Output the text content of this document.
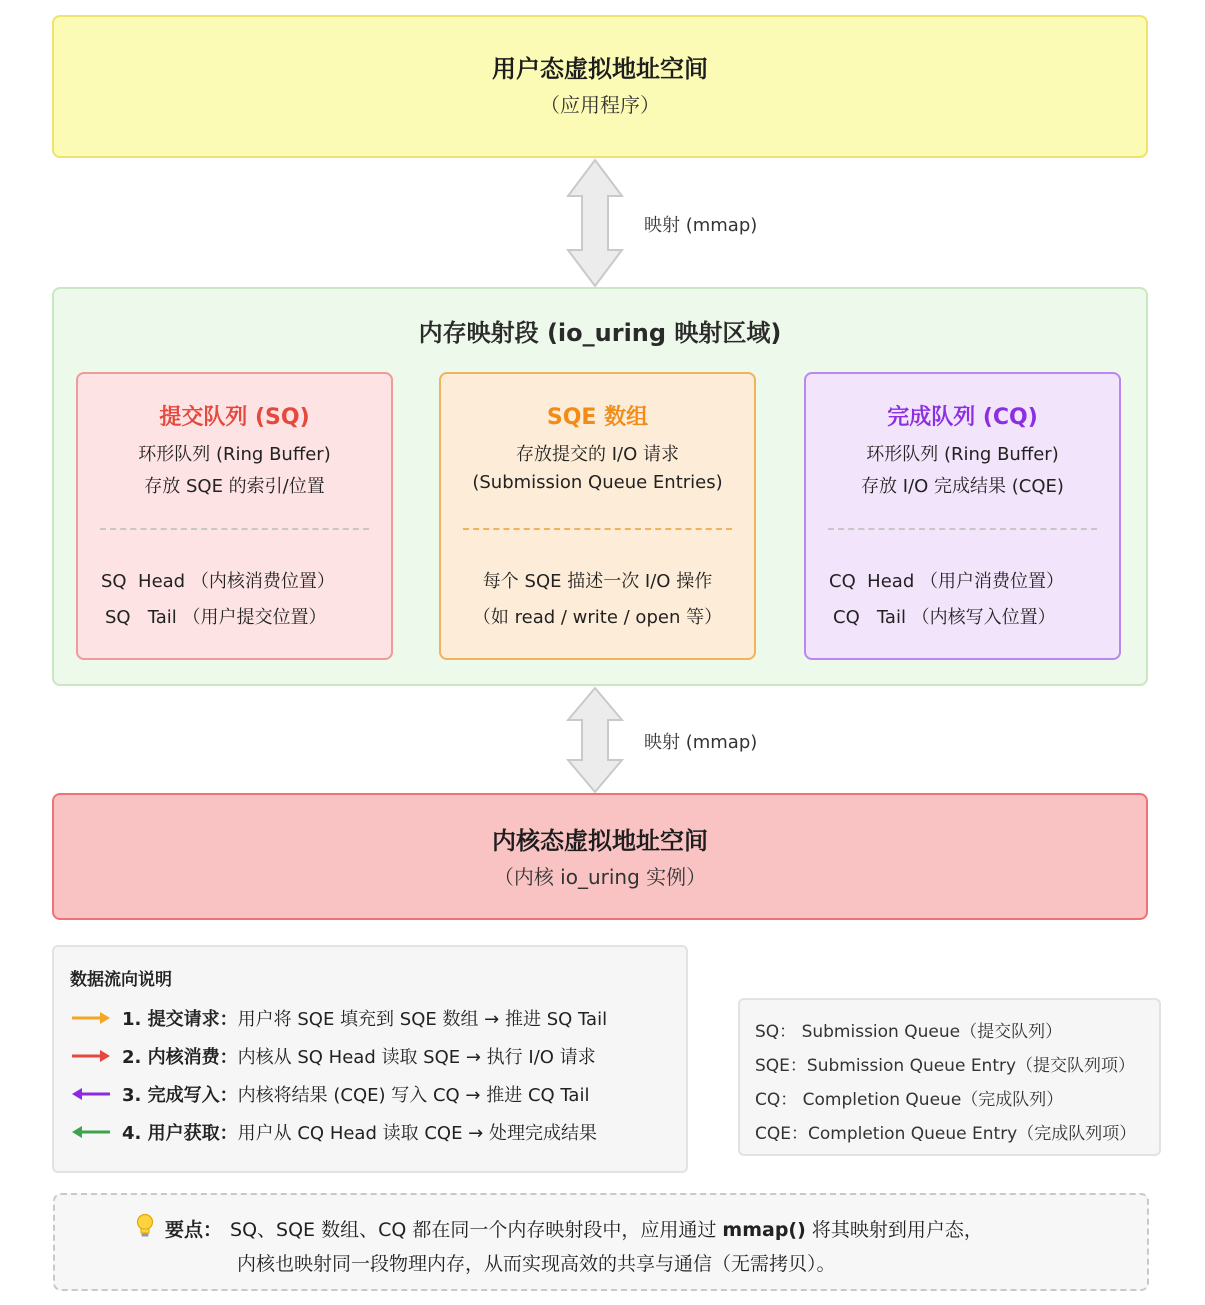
用户态虚拟地址空间
（应用程序）
映射 (mmap)
内存映射段 (io_uring 映射区域)
提交队列 (SQ)
环形队列 (Ring Buffer)
存放 SQE 的索引/位置
SQ  Head （内核消费位置）
SQ   Tail （用户提交位置）
SQE 数组
存放提交的 I/O 请求
(Submission Queue Entries)
每个 SQE 描述一次 I/O 操作
（如 read / write / open 等）
完成队列 (CQ)
环形队列 (Ring Buffer)
存放 I/O 完成结果 (CQE)
CQ  Head （用户消费位置）
CQ   Tail （内核写入位置）
映射 (mmap)
内核态虚拟地址空间
（内核 io_uring 实例）
数据流向说明
1. 提交请求：用户将 SQE 填充到 SQE 数组 → 推进 SQ Tail
2. 内核消费：内核从 SQ Head 读取 SQE → 执行 I/O 请求
3. 完成写入：内核将结果 (CQE) 写入 CQ → 推进 CQ Tail
4. 用户获取：用户从 CQ Head 读取 CQE → 处理完成结果
SQ： Submission Queue（提交队列）
SQE：Submission Queue Entry（提交队列项）
CQ： Completion Queue（完成队列）
CQE：Completion Queue Entry（完成队列项）
要点： SQ、SQE 数组、CQ 都在同一个内存映射段中，应用通过 mmap() 将其映射到用户态，
内核也映射同一段物理内存，从而实现高效的共享与通信（无需拷贝）。
